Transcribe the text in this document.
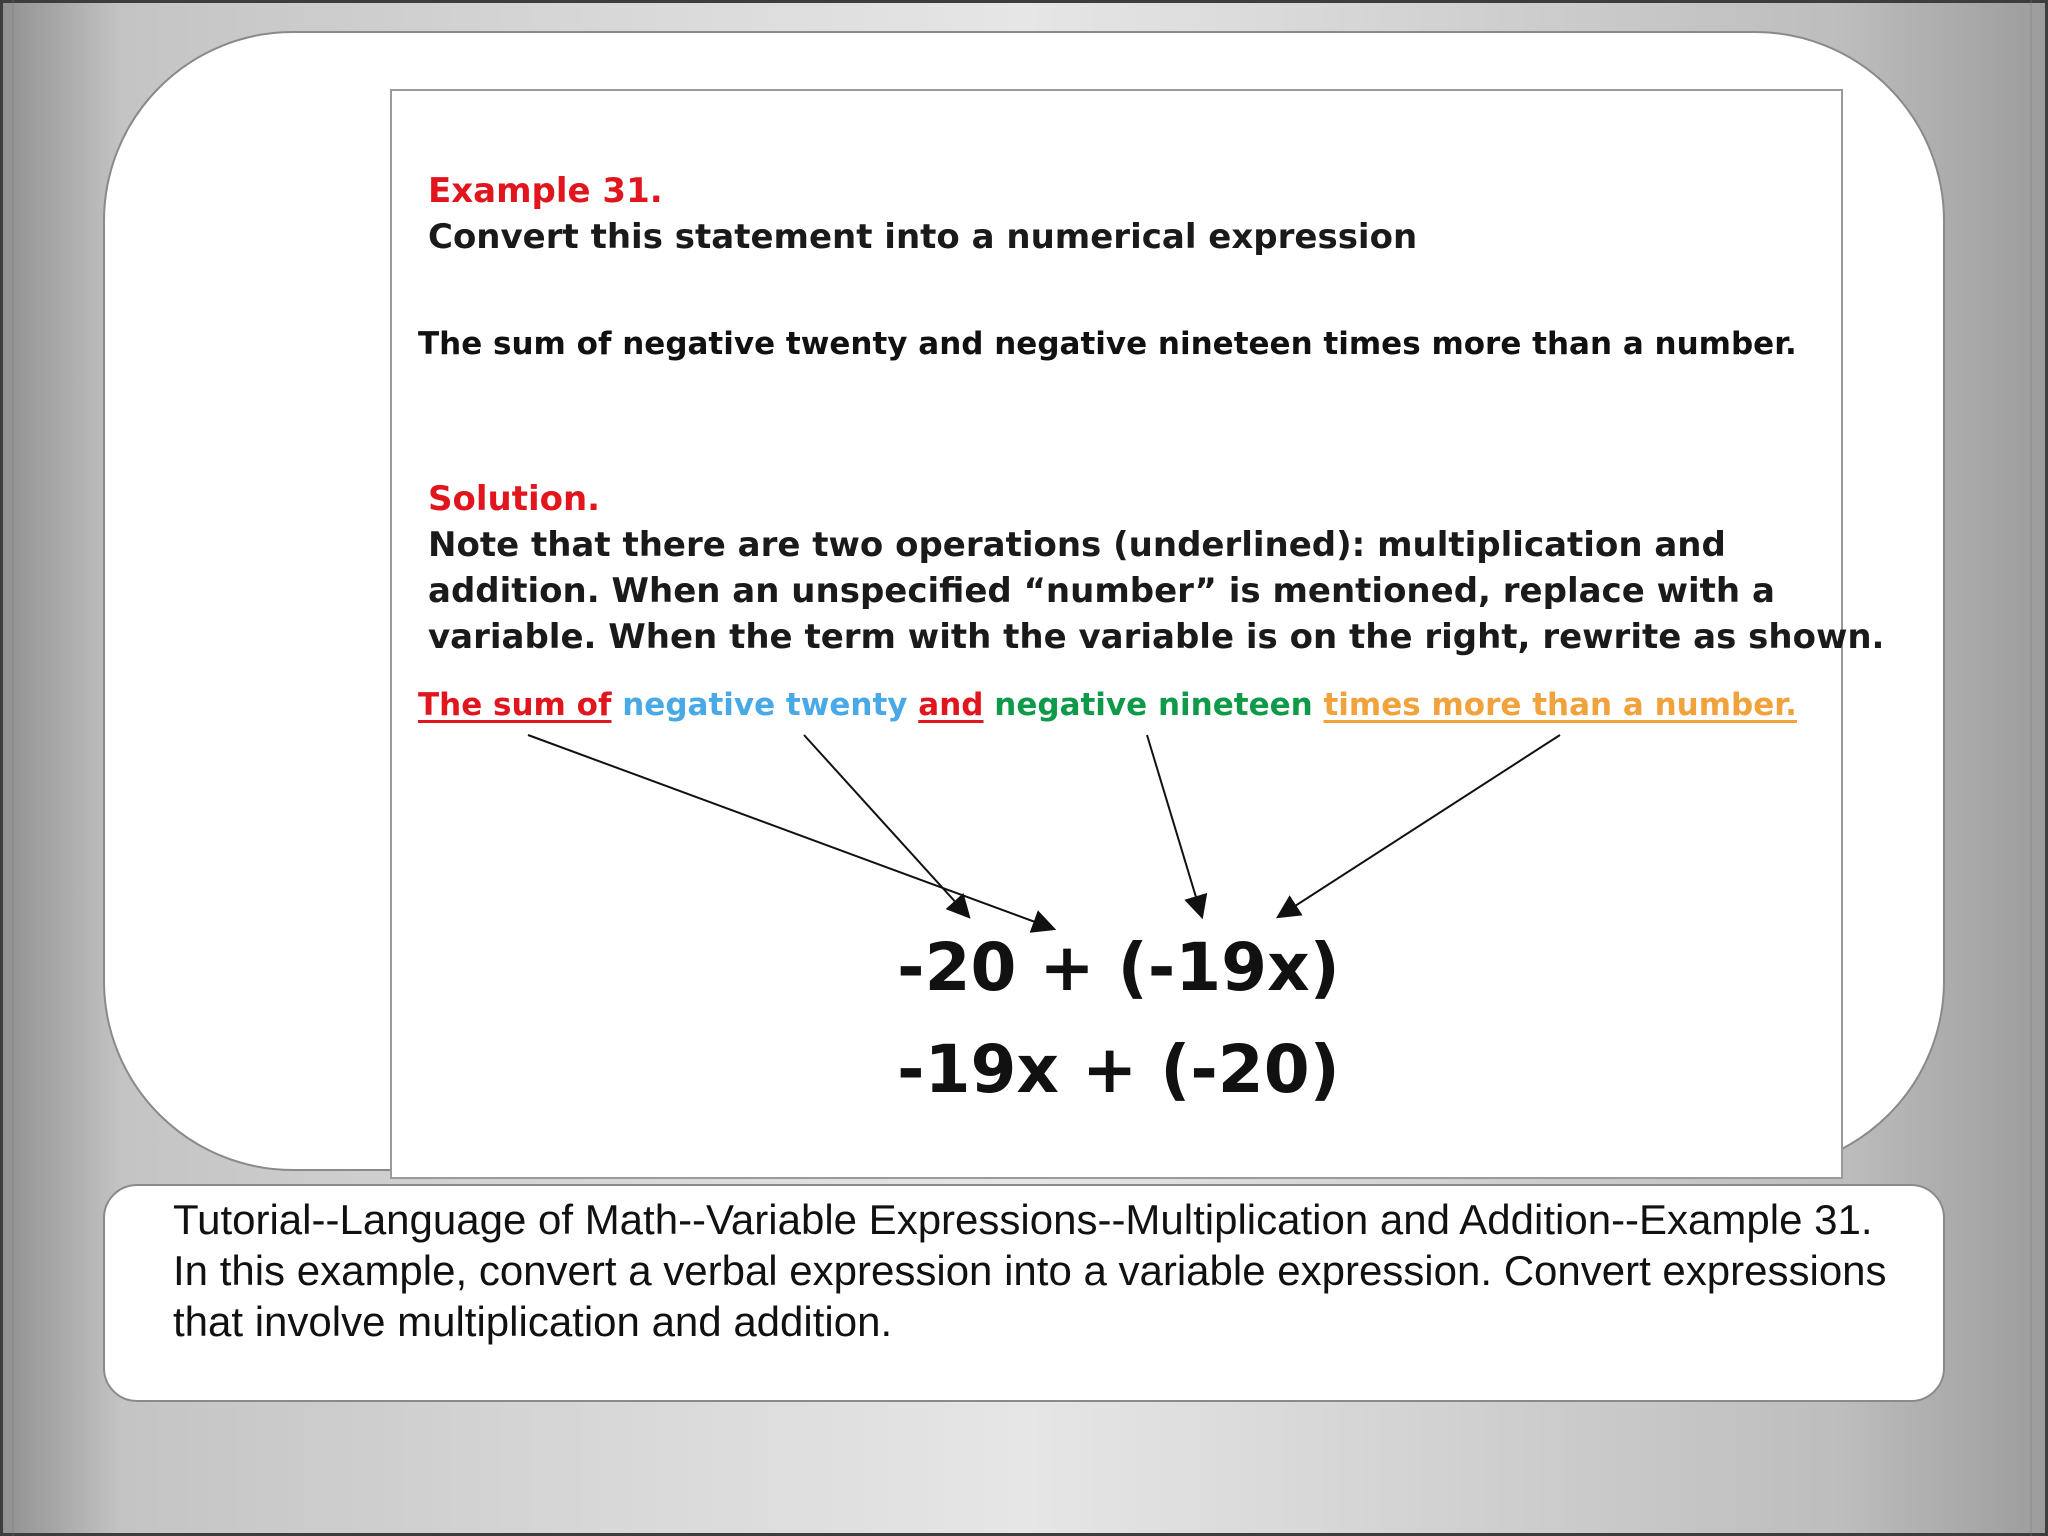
Example 31.

Convert this statement into a numerical expression

The sum of negative twenty and negative nineteen times more than a number.

Solution.

Note that there are two operations (underlined): multiplication and

addition. When an unspecified “number” is mentioned, replace with a

variable. When the term with the variable is on the right, rewrite as shown.

The sum of negative twenty and negative nineteen times more than a number.

-20 + (-19x)

-19x + (-20)

Tutorial--Language of Math--Variable Expressions--Multiplication and Addition--Example 31. In this example, convert a verbal expression into a variable expression. Convert expressions that involve multiplication and addition.
